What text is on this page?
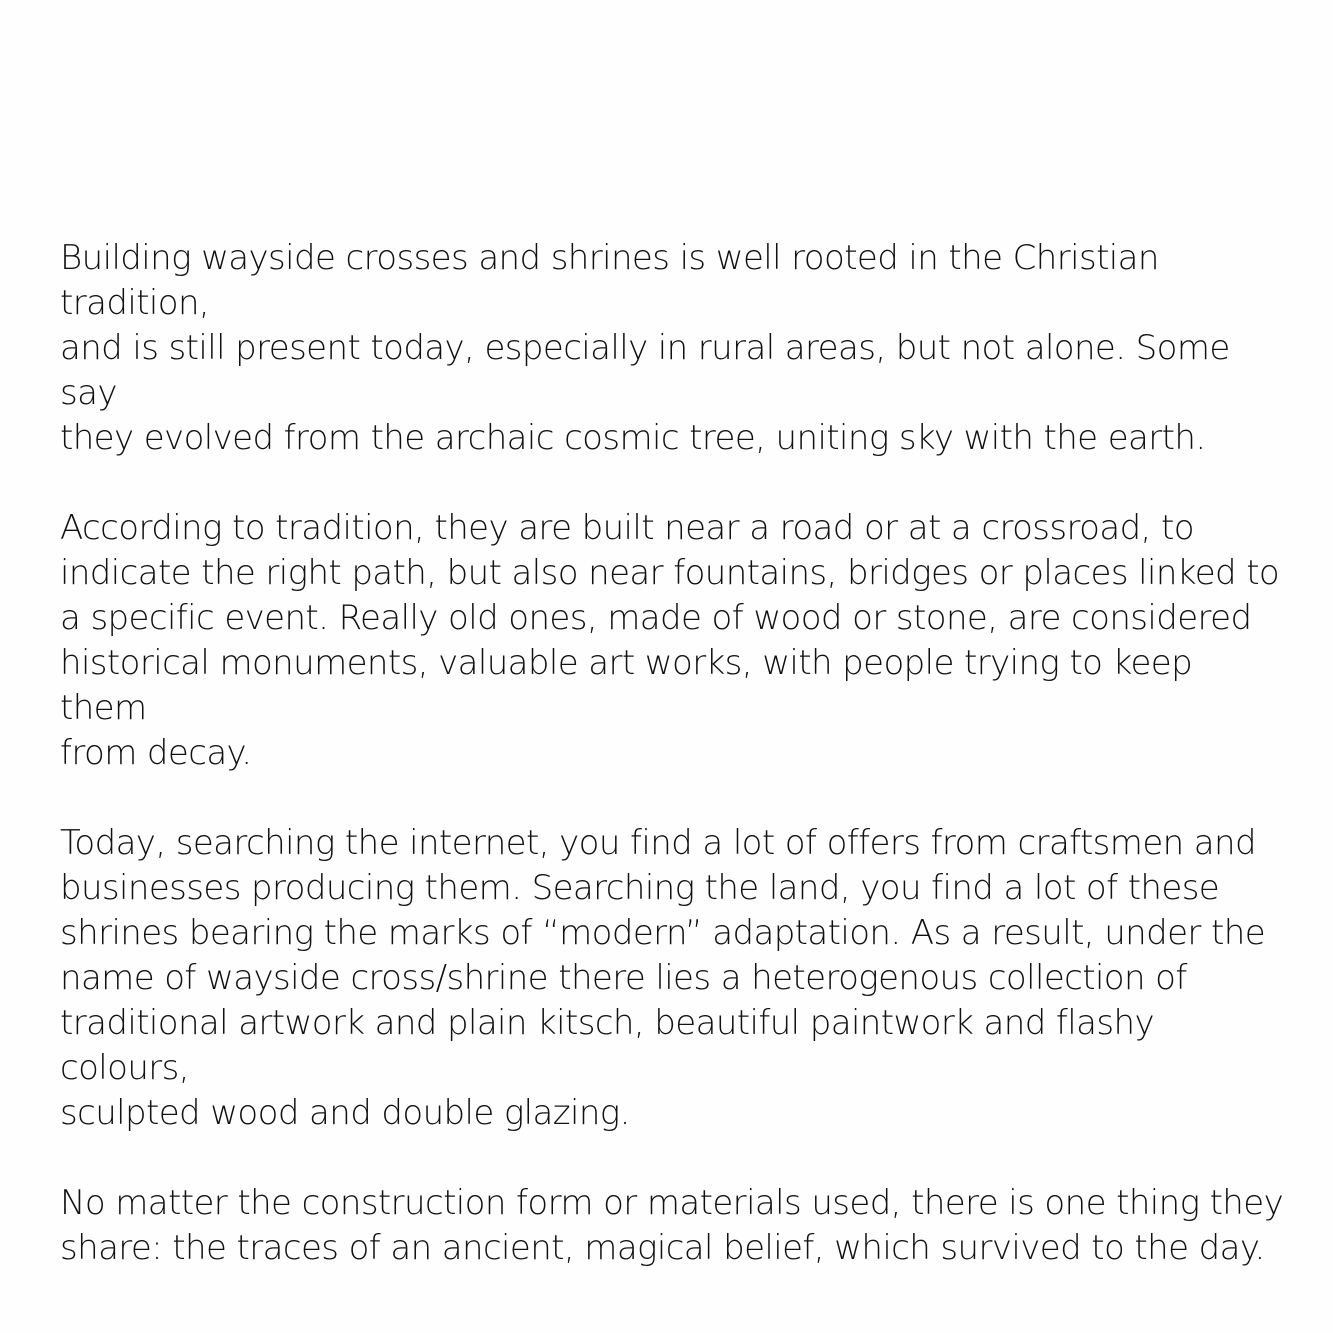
Building wayside crosses and shrines is well rooted in the Christian tradition,
and is still present today, especially in rural areas, but not alone. Some say
they evolved from the archaic cosmic tree, uniting sky with the earth.

According to tradition, they are built near a road or at a crossroad, to
indicate the right path, but also near fountains, bridges or places linked to
a specific event. Really old ones, made of wood or stone, are considered
historical monuments, valuable art works, with people trying to keep them
from decay.

Today, searching the internet, you find a lot of offers from craftsmen and
businesses producing them. Searching the land, you find a lot of these
shrines bearing the marks of “modern” adaptation. As a result, under the
name of wayside cross/shrine there lies a heterogenous collection of
traditional artwork and plain kitsch, beautiful paintwork and flashy colours,
sculpted wood and double glazing.

No matter the construction form or materials used, there is one thing they
share: the traces of an ancient, magical belief, which survived to the day.
